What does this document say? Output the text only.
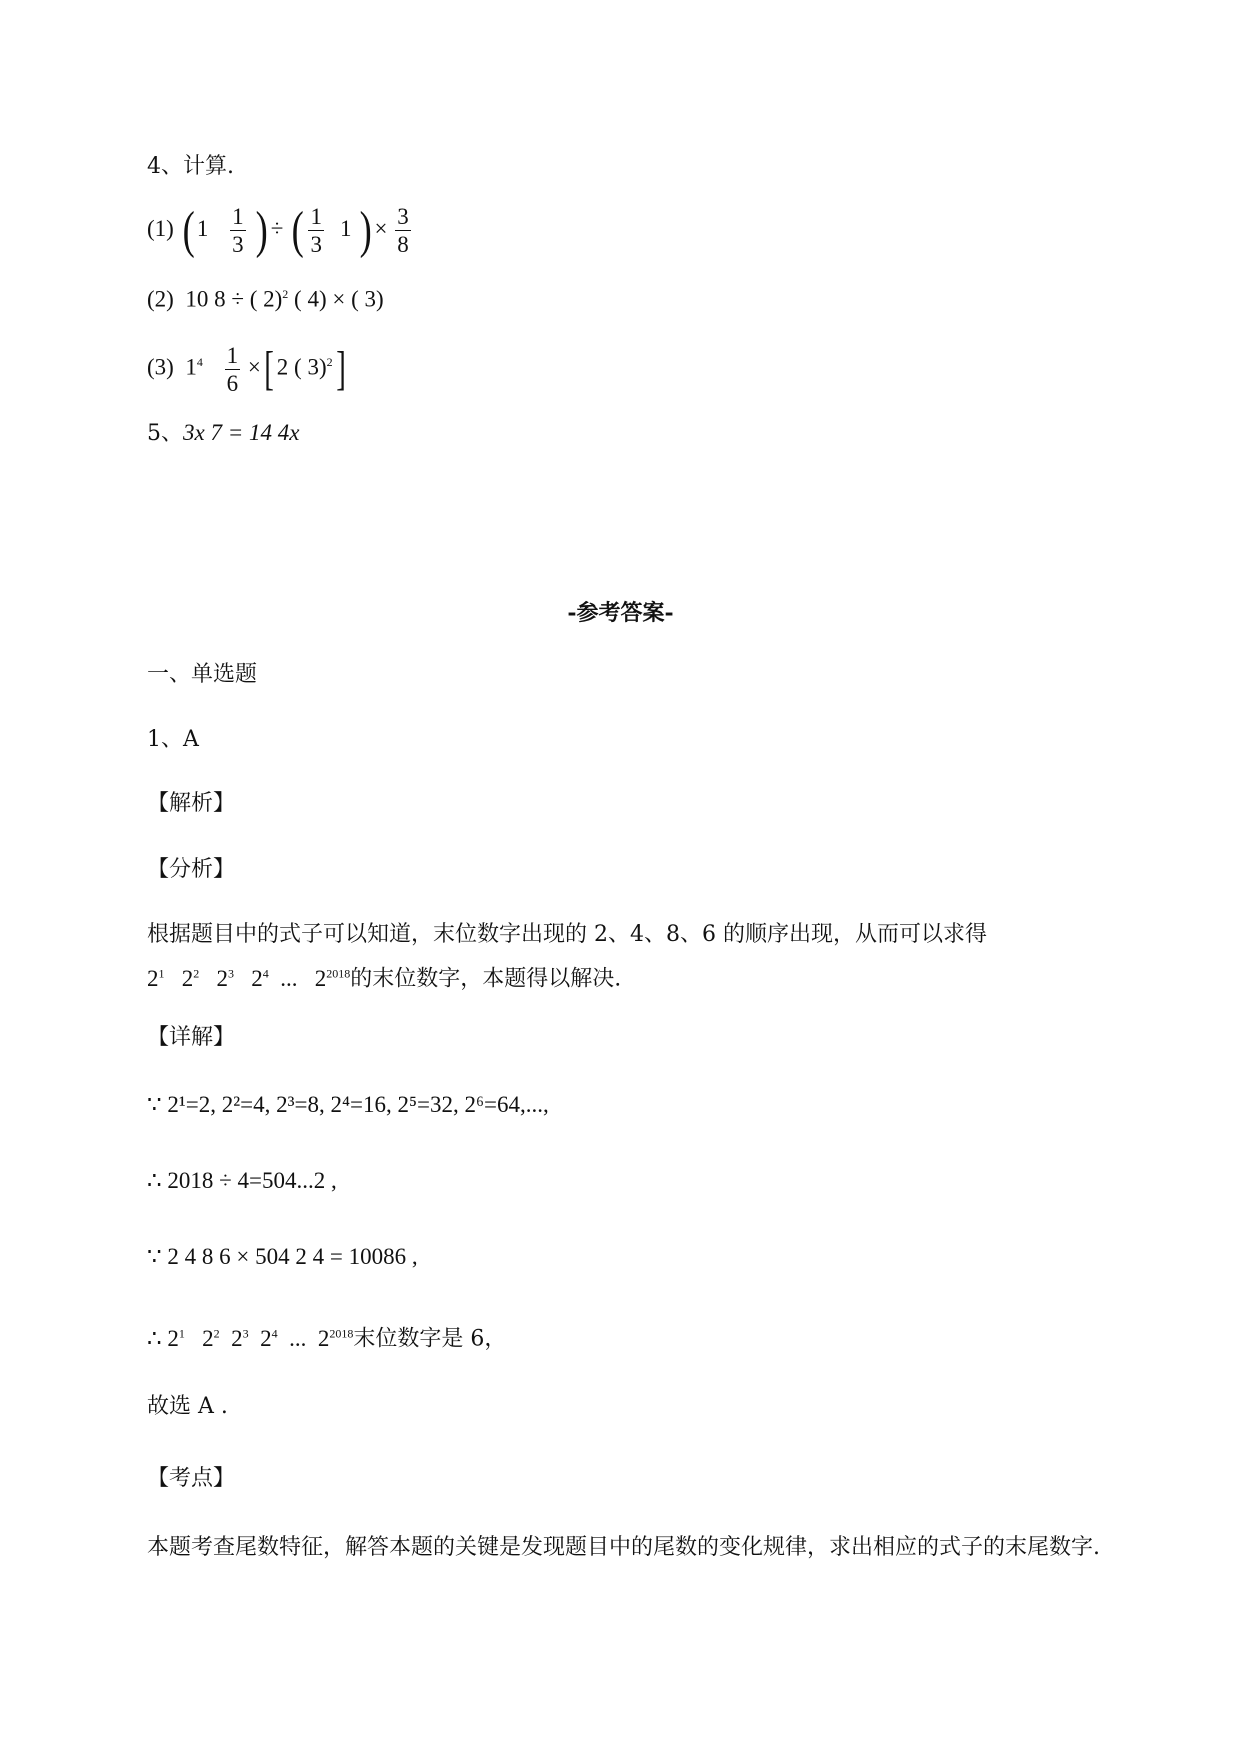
4、计算.
(1) ( $1 \frac{1}{3}$ ) ÷ ( $\frac{1}{3} 1$ ) × $\frac{3}{8}$
(2) 10 8 ÷ ( 2)$^2$ ( 4) × ( 3)
(3) $1^4 \frac{1}{6}$ ×[ 2 ( 3)$^2$]
5、3x 7 = 14 4x
-参考答案-
一、单选题
1、A
【解析】
【分析】
根据题目中的式子可以知道，末位数字出现的 2、4、8、6 的顺序出现，从而可以求得
$2^1$ $2^2$ $2^3$ $2^4$  ...   $2^{2018}$的末位数字，本题得以解决.
【详解】
∵ 2¹=2, 2²=4, 2³=8, 2⁴=16, 2⁵=32, 2⁶=64,...,
∴ 2018 ÷ 4=504...2 ,
∵ 2 4 8 6 × 504 2 4 = 10086 ,
∴ $2^1$   $2^2$  $2^3$  $2^4$  ...  $2^{2018}$末位数字是 6，
故选 A .
【考点】
本题考查尾数特征，解答本题的关键是发现题目中的尾数的变化规律，求出相应的式子的末尾数字.
